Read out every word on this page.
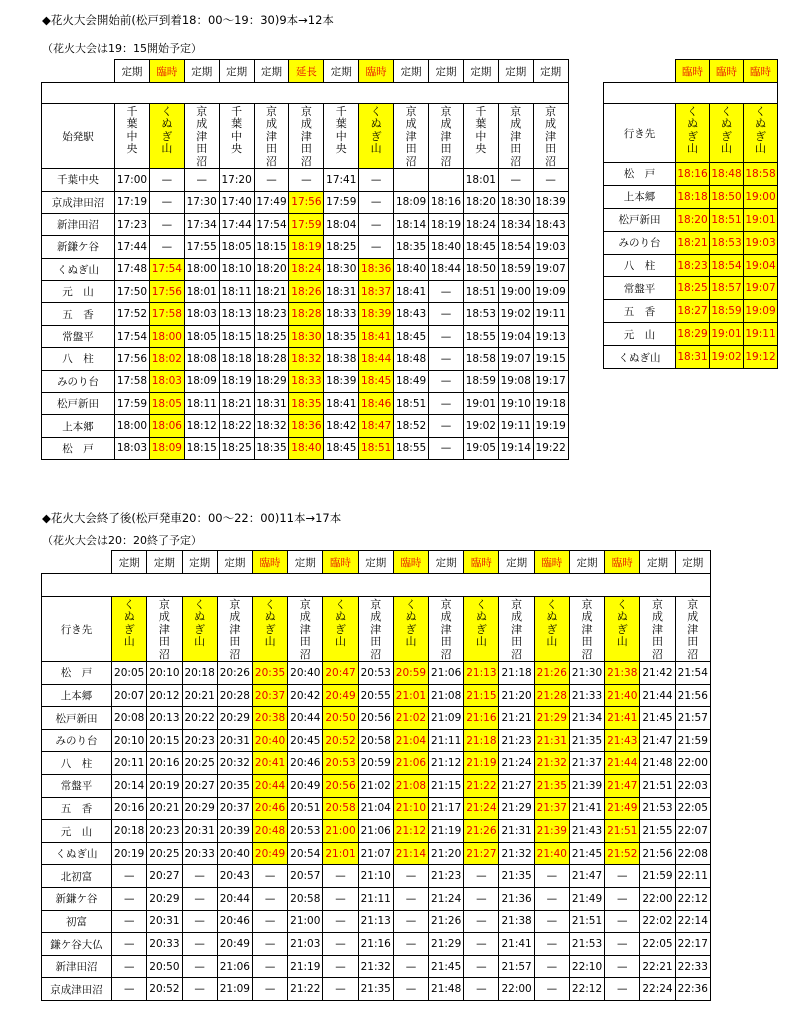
◆花火大会開始前(松戸到着18：00～19：30)9本→12本
（花火大会は19：15開始予定）
	定期	臨時	定期	定期	定期	延長	定期	臨時	定期	定期	定期	定期	定期

始発駅	千葉中央	くぬぎ山	京成津田沼	千葉中央	京成津田沼	京成津田沼	千葉中央	くぬぎ山	京成津田沼	京成津田沼	千葉中央	京成津田沼	京成津田沼
千葉中央	17:00	—	—	17:20	—	—	17:41	—			18:01	—	—
京成津田沼	17:19	—	17:30	17:40	17:49	17:56	17:59	—	18:09	18:16	18:20	18:30	18:39
新津田沼	17:23	—	17:34	17:44	17:54	17:59	18:04	—	18:14	18:19	18:24	18:34	18:43
新鎌ケ谷	17:44	—	17:55	18:05	18:15	18:19	18:25	—	18:35	18:40	18:45	18:54	19:03
くぬぎ山	17:48	17:54	18:00	18:10	18:20	18:24	18:30	18:36	18:40	18:44	18:50	18:59	19:07
元　山	17:50	17:56	18:01	18:11	18:21	18:26	18:31	18:37	18:41	—	18:51	19:00	19:09
五　香	17:52	17:58	18:03	18:13	18:23	18:28	18:33	18:39	18:43	—	18:53	19:02	19:11
常盤平	17:54	18:00	18:05	18:15	18:25	18:30	18:35	18:41	18:45	—	18:55	19:04	19:13
八　柱	17:56	18:02	18:08	18:18	18:28	18:32	18:38	18:44	18:48	—	18:58	19:07	19:15
みのり台	17:58	18:03	18:09	18:19	18:29	18:33	18:39	18:45	18:49	—	18:59	19:08	19:17
松戸新田	17:59	18:05	18:11	18:21	18:31	18:35	18:41	18:46	18:51	—	19:01	19:10	19:18
上本郷	18:00	18:06	18:12	18:22	18:32	18:36	18:42	18:47	18:52	—	19:02	19:11	19:19
松　戸	18:03	18:09	18:15	18:25	18:35	18:40	18:45	18:51	18:55	—	19:05	19:14	19:22
	臨時	臨時	臨時

行き先	くぬぎ山	くぬぎ山	くぬぎ山
松　戸	18:16	18:48	18:58
上本郷	18:18	18:50	19:00
松戸新田	18:20	18:51	19:01
みのり台	18:21	18:53	19:03
八　柱	18:23	18:54	19:04
常盤平	18:25	18:57	19:07
五　香	18:27	18:59	19:09
元　山	18:29	19:01	19:11
くぬぎ山	18:31	19:02	19:12
◆花火大会終了後(松戸発車20：00～22：00)11本→17本
（花火大会は20：20終了予定）
	定期	定期	定期	定期	臨時	定期	臨時	定期	臨時	定期	臨時	定期	臨時	定期	臨時	定期	定期

行き先	くぬぎ山	京成津田沼	くぬぎ山	京成津田沼	くぬぎ山	京成津田沼	くぬぎ山	京成津田沼	くぬぎ山	京成津田沼	くぬぎ山	京成津田沼	くぬぎ山	京成津田沼	くぬぎ山	京成津田沼	京成津田沼
松　戸	20:05	20:10	20:18	20:26	20:35	20:40	20:47	20:53	20:59	21:06	21:13	21:18	21:26	21:30	21:38	21:42	21:54
上本郷	20:07	20:12	20:21	20:28	20:37	20:42	20:49	20:55	21:01	21:08	21:15	21:20	21:28	21:33	21:40	21:44	21:56
松戸新田	20:08	20:13	20:22	20:29	20:38	20:44	20:50	20:56	21:02	21:09	21:16	21:21	21:29	21:34	21:41	21:45	21:57
みのり台	20:10	20:15	20:23	20:31	20:40	20:45	20:52	20:58	21:04	21:11	21:18	21:23	21:31	21:35	21:43	21:47	21:59
八　柱	20:11	20:16	20:25	20:32	20:41	20:46	20:53	20:59	21:06	21:12	21:19	21:24	21:32	21:37	21:44	21:48	22:00
常盤平	20:14	20:19	20:27	20:35	20:44	20:49	20:56	21:02	21:08	21:15	21:22	21:27	21:35	21:39	21:47	21:51	22:03
五　香	20:16	20:21	20:29	20:37	20:46	20:51	20:58	21:04	21:10	21:17	21:24	21:29	21:37	21:41	21:49	21:53	22:05
元　山	20:18	20:23	20:31	20:39	20:48	20:53	21:00	21:06	21:12	21:19	21:26	21:31	21:39	21:43	21:51	21:55	22:07
くぬぎ山	20:19	20:25	20:33	20:40	20:49	20:54	21:01	21:07	21:14	21:20	21:27	21:32	21:40	21:45	21:52	21:56	22:08
北初富	—	20:27	—	20:43	—	20:57	—	21:10	—	21:23	—	21:35	—	21:47	—	21:59	22:11
新鎌ケ谷	—	20:29	—	20:44	—	20:58	—	21:11	—	21:24	—	21:36	—	21:49	—	22:00	22:12
初富	—	20:31	—	20:46	—	21:00	—	21:13	—	21:26	—	21:38	—	21:51	—	22:02	22:14
鎌ケ谷大仏	—	20:33	—	20:49	—	21:03	—	21:16	—	21:29	—	21:41	—	21:53	—	22:05	22:17
新津田沼	—	20:50	—	21:06	—	21:19	—	21:32	—	21:45	—	21:57	—	22:10	—	22:21	22:33
京成津田沼	—	20:52	—	21:09	—	21:22	—	21:35	—	21:48	—	22:00	—	22:12	—	22:24	22:36
